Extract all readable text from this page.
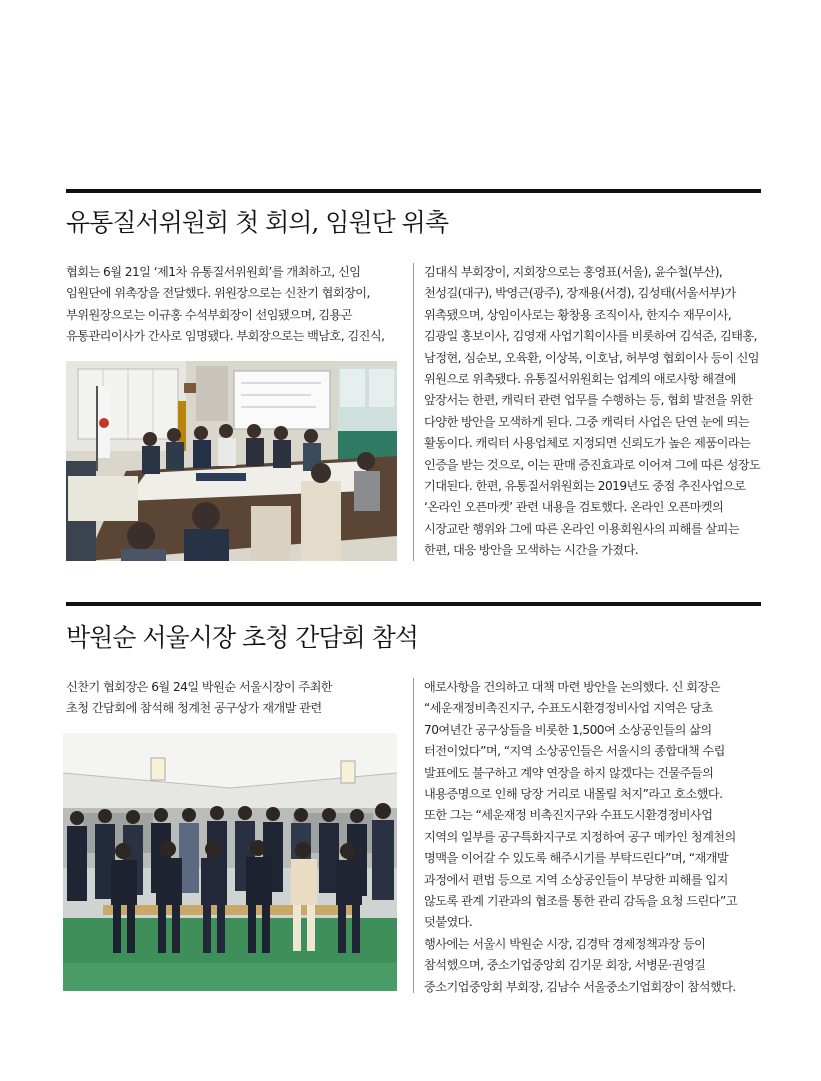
유통질서위원회 첫 회의, 임원단 위촉

협회는 6월 21일 ‘제1차 유통질서위원회’를 개최하고, 신임

임원단에 위촉장을 전달했다. 위원장으로는 신찬기 협회장이,

부위원장으로는 이규홍 수석부회장이 선임됐으며, 김용곤

유통관리이사가 간사로 임명됐다. 부회장으로는 백남호, 김진식,

김대식 부회장이, 지회장으로는 홍영표(서울), 윤수철(부산),

천성길(대구), 박영근(광주), 장재용(서경), 김성태(서울서부)가

위촉됐으며, 상임이사로는 황창용 조직이사, 한지수 재무이사,

김광일 홍보이사, 김영재 사업기획이사를 비롯하여 김석준, 김태홍,

남정현, 심순보, 오육환, 이상복, 이호남, 허부영 협회이사 등이 신임

위원으로 위촉됐다. 유통질서위원회는 업계의 애로사항 해결에

앞장서는 한편, 캐릭터 관련 업무를 수행하는 등, 협회 발전을 위한

다양한 방안을 모색하게 된다. 그중 캐릭터 사업은 단연 눈에 띄는

활동이다. 캐릭터 사용업체로 지정되면 신뢰도가 높은 제품이라는

인증을 받는 것으로, 이는 판매 증진효과로 이어져 그에 따른 성장도

기대된다. 한편, 유통질서위원회는 2019년도 중점 추진사업으로

‘온라인 오픈마켓’ 관련 내용을 검토했다. 온라인 오픈마켓의

시장교란 행위와 그에 따른 온라인 이용회원사의 피해를 살피는

한편, 대응 방안을 모색하는 시간을 가졌다.

박원순 서울시장 초청 간담회 참석

신찬기 협회장은 6월 24일 박원순 서울시장이 주최한

초청 간담회에 참석해 청계천 공구상가 재개발 관련

애로사항을 건의하고 대책 마련 방안을 논의했다. 신 회장은

“세운재정비촉진지구, 수표도시환경정비사업 지역은 당초

70여년간 공구상들을 비롯한 1,500여 소상공인들의 삶의

터전이었다”며, “지역 소상공인들은 서울시의 종합대책 수립

발표에도 불구하고 계약 연장을 하지 않겠다는 건물주들의

내용증명으로 인해 당장 거리로 내몰릴 처지”라고 호소했다.

또한 그는 “세운재정 비촉진지구와 수표도시환경정비사업

지역의 일부를 공구특화지구로 지정하여 공구 메카인 청계천의

명맥을 이어갈 수 있도록 해주시기를 부탁드린다”며, “재개발

과정에서 편법 등으로 지역 소상공인들이 부당한 피해를 입지

않도록 관계 기관과의 협조를 통한 관리 감독을 요청 드린다”고

덧붙였다.

행사에는 서울시 박원순 시장, 김경탁 경제정책과장 등이

참석했으며, 중소기업중앙회 김기문 회장, 서병문·권영길

중소기업중앙회 부회장, 김남수 서울중소기업회장이 참석했다.
